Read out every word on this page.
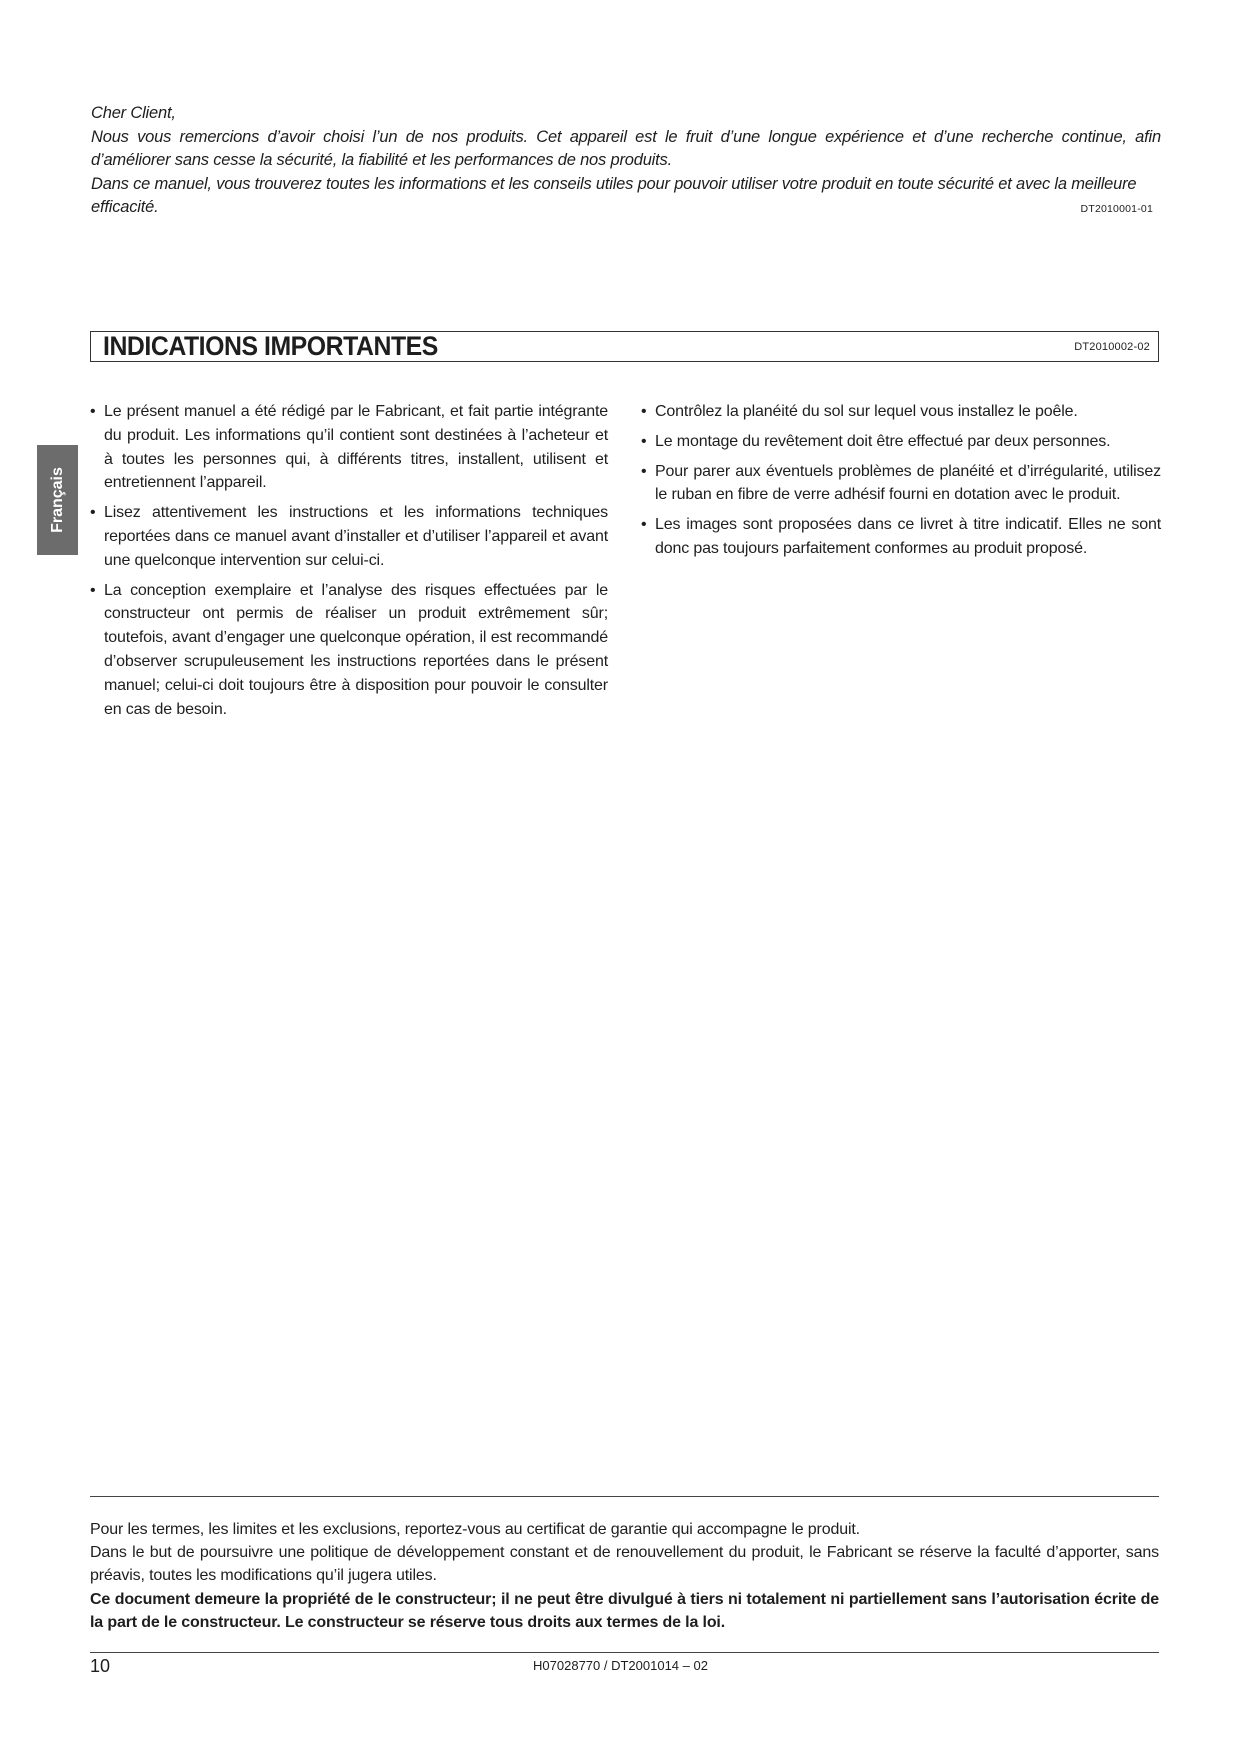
Cher Client,

Nous vous remercions d’avoir choisi l’un de nos produits. Cet appareil est le fruit d’une longue expérience et d’une recherche continue, afin d’améliorer sans cesse la sécurité, la fiabilité et les performances de nos produits.

Dans ce manuel, vous trouverez toutes les informations et les conseils utiles pour pouvoir utiliser votre produit en toute sécurité et avec la meilleure

efficacité.	DT2010001-01

INDICATIONS IMPORTANTES	DT2010002-02
Français
• Le présent manuel a été rédigé par le Fabricant, et fait partie intégrante du produit. Les informations qu’il contient sont destinées à l’acheteur et à toutes les personnes qui, à différents titres, installent, utilisent et entretiennent l’appareil.
• Lisez attentivement les instructions et les informations techniques reportées dans ce manuel avant d’installer et d’utiliser l’appareil et avant une quelconque intervention sur celui-ci.
• La conception exemplaire et l’analyse des risques effectuées par le constructeur ont permis de réaliser un produit extrêmement sûr; toutefois, avant d’engager une quelconque opération, il est recommandé d’observer scrupuleusement les instructions reportées dans le présent manuel; celui-ci doit toujours être à disposition pour pouvoir le consulter en cas de besoin.
• Contrôlez la planéité du sol sur lequel vous installez le poêle.
• Le montage du revêtement doit être effectué par deux personnes.
• Pour parer aux éventuels problèmes de planéité et d’irrégularité, utilisez le ruban en fibre de verre adhésif fourni en dotation avec le produit.
• Les images sont proposées dans ce livret à titre indicatif. Elles ne sont donc pas toujours parfaitement conformes au produit proposé.

Pour les termes, les limites et les exclusions, reportez-vous au certificat de garantie qui accompagne le produit.

Dans le but de poursuivre une politique de développement constant et de renouvellement du produit, le Fabricant se réserve la faculté d’apporter, sans préavis, toutes les modifications qu’il jugera utiles.

Ce document demeure la propriété de le constructeur; il ne peut être divulgué à tiers ni totalement ni partiellement sans l’autorisation écrite de la part de le constructeur. Le constructeur se réserve tous droits aux termes de la loi.

10	H07028770 / DT2001014 – 02
